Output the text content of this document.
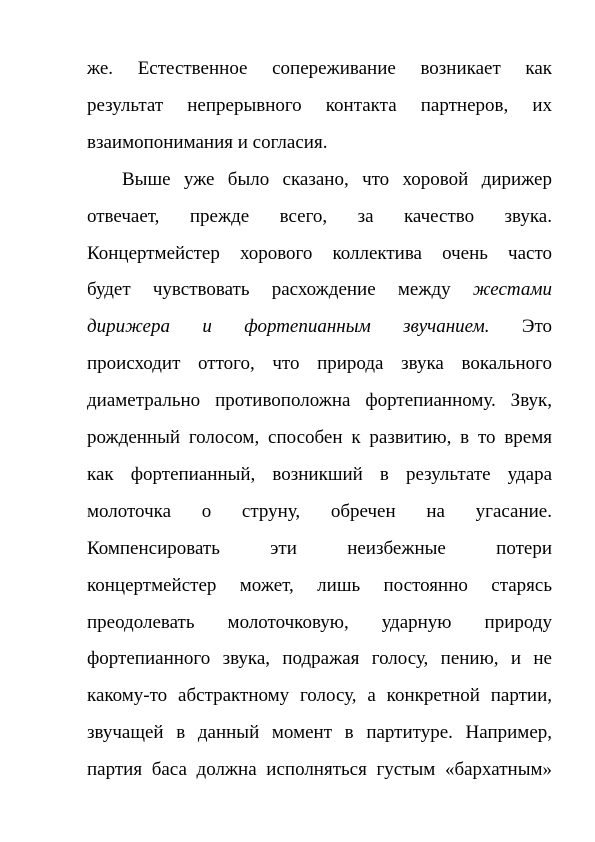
же. Естественное сопереживание возникает как
результат непрерывного контакта партнеров, их
взаимопонимания и согласия.
Выше уже было сказано, что хоровой дирижер
отвечает, прежде всего, за качество звука.
Концертмейстер хорового коллектива очень часто
будет чувствовать расхождение между жестами
дирижера и фортепианным звучанием. Это
происходит оттого, что природа звука вокального
диаметрально противоположна фортепианному. Звук,
рожденный голосом, способен к развитию, в то время
как фортепианный, возникший в результате удара
молоточка о струну, обречен на угасание.
Компенсировать эти неизбежные потери
концертмейстер может, лишь постоянно старясь
преодолевать молоточковую, ударную природу
фортепианного звука, подражая голосу, пению, и не
какому-то абстрактному голосу, а конкретной партии,
звучащей в данный момент в партитуре. Например,
партия баса должна исполняться густым «бархатным»
